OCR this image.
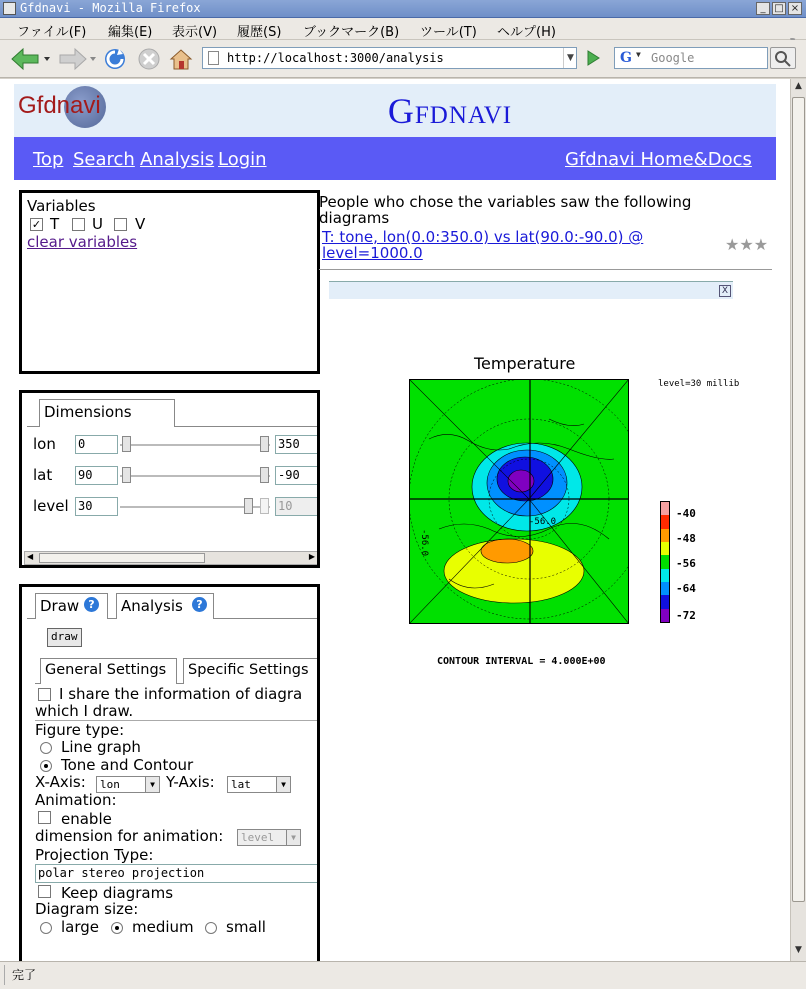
Gfdnavi - Mozilla Firefox	_ □ ×
ファイル(F) 編集(E) 表示(V) 履歴(S) ブックマーク(B) ツール(T) ヘルプ(H)
http://localhost:3000/analysis	▼	G ▼ Google
Gfdnavi	Gfdnavi
Top Search Analysis Login	Gfdnavi Home&Docs
Variables
✓ T U V
clear variables
Dimensions
lon 0	350
lat 90	-90
level 30	10
◀	▶
Draw ?	Analysis	?
draw
General Settings	Specific Settings
I share the information of diagra
which I draw.
Figure type:
Line graph
Tone and Contour
X-Axis:	lon	▼ Y-Axis:	lat	▼
Animation:
enable
dimension for animation:	level	▼
Projection Type:
polar stereo projection
Keep diagrams
Diagram size:
large medium small
People who chose the variables saw the following
diagrams
T: tone, lon(0.0:350.0) vs lat(90.0:-90.0) @
level=1000.0	★★★
X
Temperature
level=30 millib
-56.0
-56.0
-40
-48
-56
-64
-72
CONTOUR INTERVAL = 4.000E+00
▲
▼
完了
